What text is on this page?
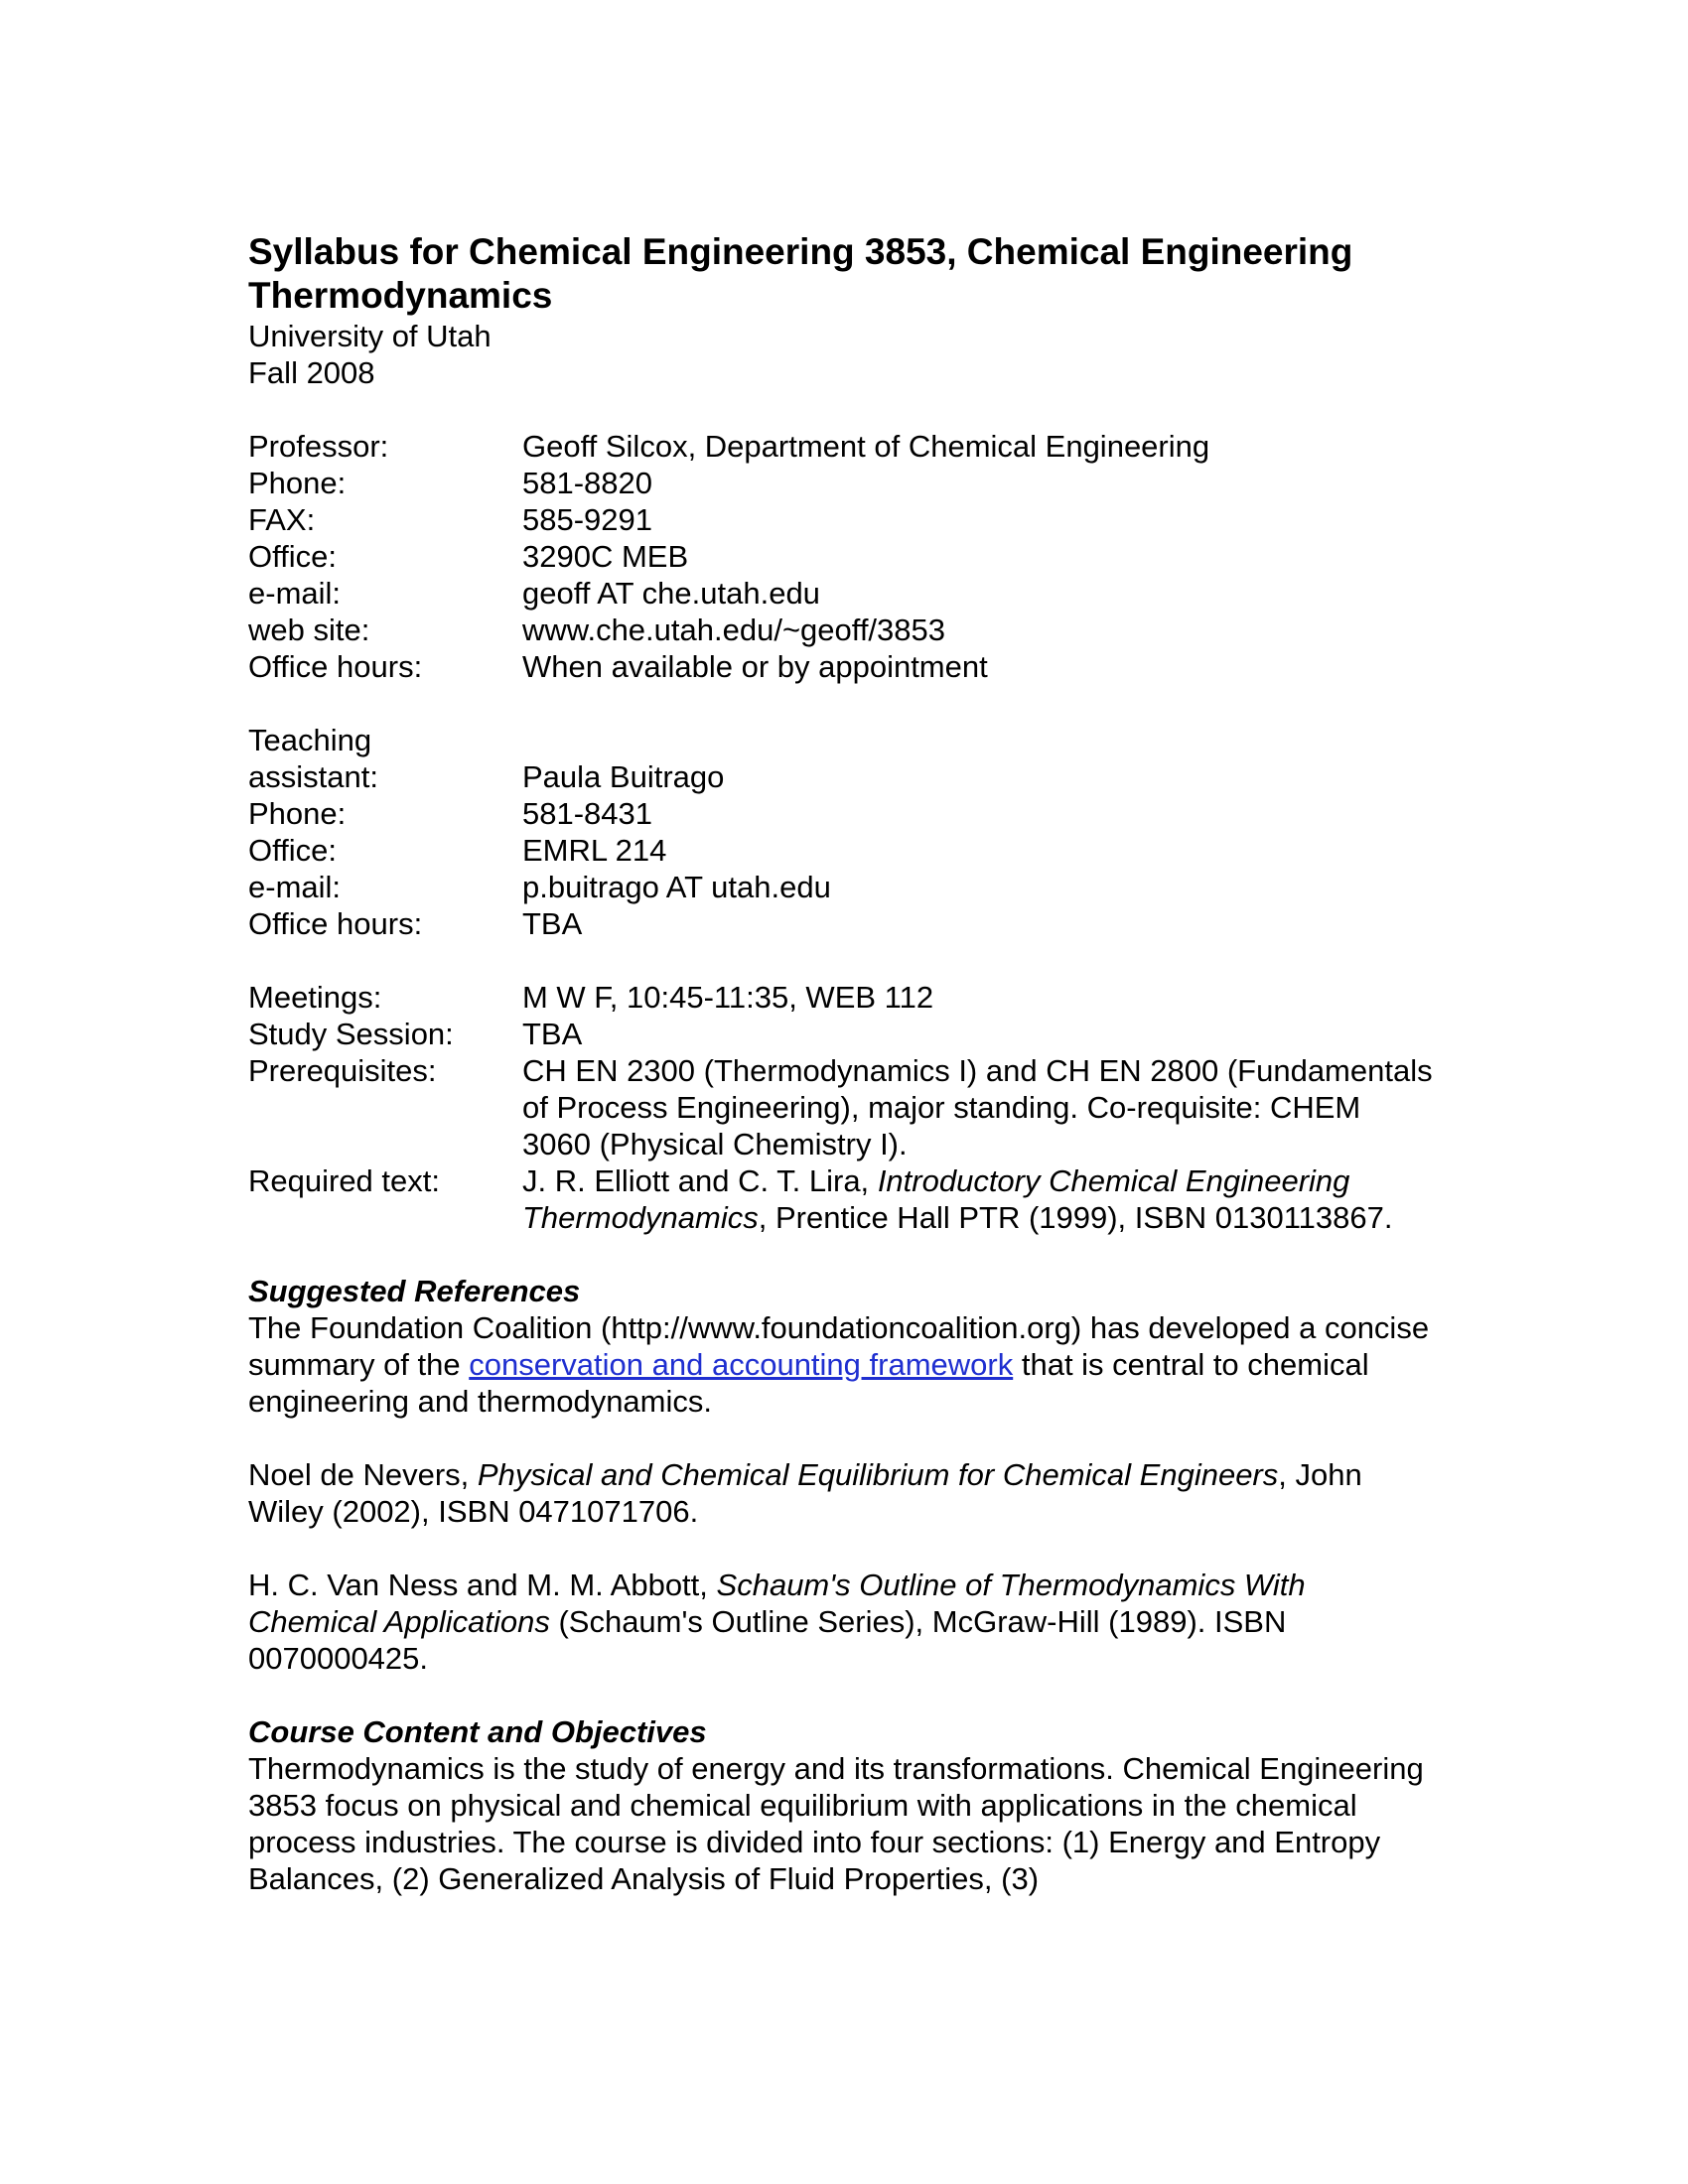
Syllabus for Chemical Engineering 3853, Chemical Engineering
Thermodynamics
University of Utah
Fall 2008
Professor:	Geoff Silcox, Department of Chemical Engineering
Phone:	581-8820
FAX:	585-9291
Office:	3290C MEB
e-mail:	geoff AT che.utah.edu
web site:	www.che.utah.edu/~geoff/3853
Office hours:	When available or by appointment
Teaching
assistant:	Paula Buitrago
Phone:	581-8431
Office:	EMRL 214
e-mail:	p.buitrago AT utah.edu
Office hours:	TBA
Meetings:	M W F, 10:45-11:35, WEB 112
Study Session:	TBA
Prerequisites:	CH EN 2300 (Thermodynamics I) and CH EN 2800 (Fundamentals of Process Engineering), major standing. Co-requisite: CHEM 3060 (Physical Chemistry I).
Required text:	J. R. Elliott and C. T. Lira, Introductory Chemical Engineering Thermodynamics, Prentice Hall PTR (1999), ISBN 0130113867.
Suggested References

The Foundation Coalition (http://www.foundationcoalition.org) has developed a concise summary of the conservation and accounting framework that is central to chemical engineering and thermodynamics.

Noel de Nevers, Physical and Chemical Equilibrium for Chemical Engineers, John Wiley (2002), ISBN 0471071706.

H. C. Van Ness and M. M. Abbott, Schaum's Outline of Thermodynamics With Chemical Applications (Schaum's Outline Series), McGraw-Hill (1989). ISBN 0070000425.

Course Content and Objectives

Thermodynamics is the study of energy and its transformations. Chemical Engineering 3853 focus on physical and chemical equilibrium with applications in the chemical process industries. The course is divided into four sections: (1) Energy and Entropy Balances, (2) Generalized Analysis of Fluid Properties, (3)
